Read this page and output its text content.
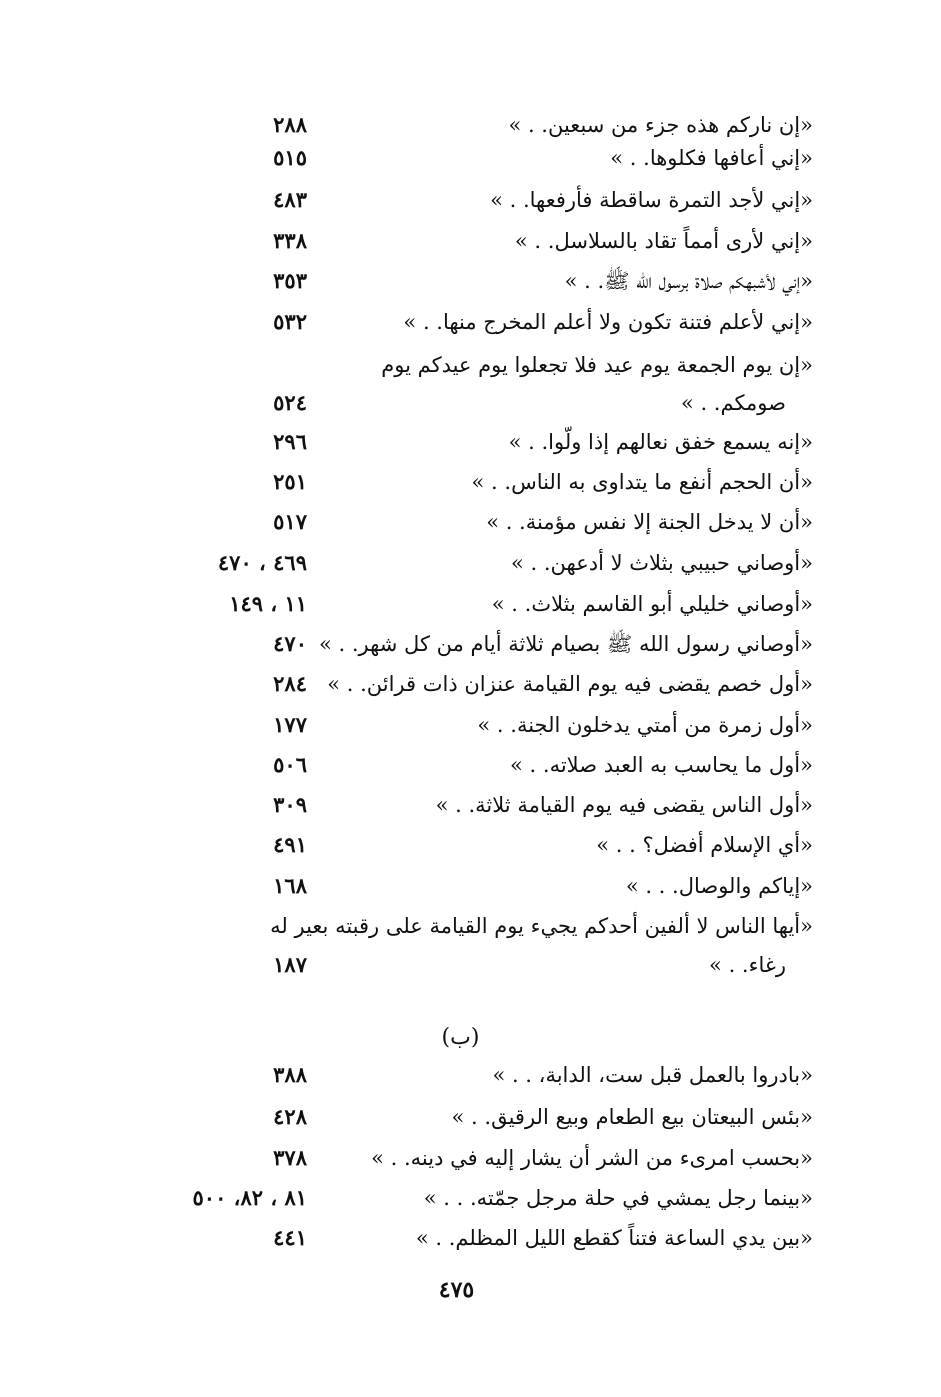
«إن ناركم هذه جزء من سبعين. . »
٢٨٨
«إني أعافها فكلوها. . »
٥١٥
«إني لأجد التمرة ساقطة فأرفعها. . »
٤٨٣
«إني لأرى أمماً تقاد بالسلاسل. . »
٣٣٨
«إني لأشبهكم صلاة برسول الله ﷺ. . »
٣٥٣
«إني لأعلم فتنة تكون ولا أعلم المخرج منها. . »
٥٣٢
«إن يوم الجمعة يوم عيد فلا تجعلوا يوم عيدكم يوم
صومكم. . »
٥٢٤
«إنه يسمع خفق نعالهم إذا ولّوا. . »
٢٩٦
«أن الحجم أنفع ما يتداوى به الناس. . »
٢٥١
«أن لا يدخل الجنة إلا نفس مؤمنة. . »
٥١٧
«أوصاني حبيبي بثلاث لا أدعهن. . »
٤٦٩ ، ٤٧٠
«أوصاني خليلي أبو القاسم بثلاث. . »
١١ ، ١٤٩
«أوصاني رسول الله ﷺ بصيام ثلاثة أيام من كل شهر. . »
٤٧٠
«أول خصم يقضى فيه يوم القيامة عنزان ذات قرائن. . »
٢٨٤
«أول زمرة من أمتي يدخلون الجنة. . »
١٧٧
«أول ما يحاسب به العبد صلاته. . »
٥٠٦
«أول الناس يقضى فيه يوم القيامة ثلاثة. . »
٣٠٩
«أي الإسلام أفضل؟ . . »
٤٩١
«إياكم والوصال. . . »
١٦٨
«أيها الناس لا ألفين أحدكم يجيء يوم القيامة على رقبته بعير له
رغاء. . »
١٨٧
(ب)
«بادروا بالعمل قبل ست، الدابة، . . »
٣٨٨
«بئس البيعتان بيع الطعام وبيع الرقيق. . »
٤٢٨
«بحسب امرىء من الشر أن يشار إليه في دينه. . »
٣٧٨
«بينما رجل يمشي في حلة مرجل جمّته. . . »
٨١ ، ٨٢، ٥٠٠
«بين يدي الساعة فتناً كقطع الليل المظلم. . »
٤٤١
٤٧٥
